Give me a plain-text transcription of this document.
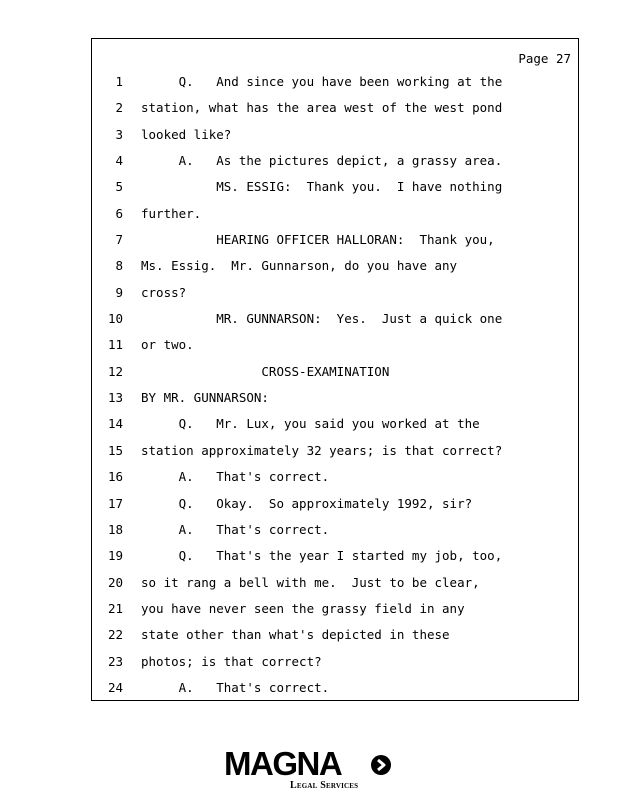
Page 27
1 Q.   And since you have been working at the
2 station, what has the area west of the west pond
3 looked like?
4 A.   As the pictures depict, a grassy area.
5 MS. ESSIG:  Thank you.  I have nothing
6 further.
7 HEARING OFFICER HALLORAN:  Thank you,
8 Ms. Essig.  Mr. Gunnarson, do you have any
9 cross?
10 MR. GUNNARSON:  Yes.  Just a quick one
11 or two.
12 CROSS-EXAMINATION
13 BY MR. GUNNARSON:
14 Q.   Mr. Lux, you said you worked at the
15 station approximately 32 years; is that correct?
16 A.   That's correct.
17 Q.   Okay.  So approximately 1992, sir?
18 A.   That's correct.
19 Q.   That's the year I started my job, too,
20 so it rang a bell with me.  Just to be clear,
21 you have never seen the grassy field in any
22 state other than what's depicted in these
23 photos; is that correct?
24 A.   That's correct.
MAGNA
Legal Services
